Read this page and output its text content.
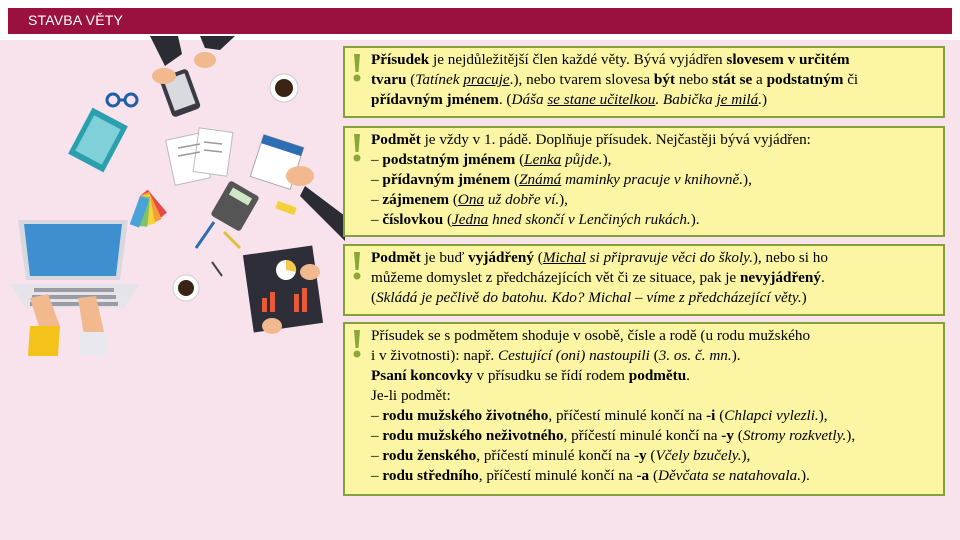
STAVBA VĚTY

Přísudek je nejdůležitější člen každé věty. Bývá vyjádřen slovesem v určitém

tvaru (Tatínek pracuje.), nebo tvarem slovesa být nebo stát se a podstatným či

přídavným jménem. (Dáša se stane učitelkou. Babička je milá.)

Podmět je vždy v 1. pádě. Doplňuje přísudek. Nejčastěji bývá vyjádřen:

– podstatným jménem (Lenka půjde.),

– přídavným jménem (Známá maminky pracuje v knihovně.),

– zájmenem (Ona už dobře ví.),

– číslovkou (Jedna hned skončí v Lenčiných rukách.).

Podmět je buď vyjádřený (Michal si připravuje věci do školy.), nebo si ho

můžeme domyslet z předcházejících vět či ze situace, pak je nevyjádřený.

(Skládá je pečlivě do batohu. Kdo? Michal – víme z předcházející věty.)

Přísudek se s podmětem shoduje v osobě, čísle a rodě (u rodu mužského

i v životnosti): např. Cestující (oni) nastoupili (3. os. č. mn.).

Psaní koncovky v přísudku se řídí rodem podmětu.

Je-li podmět:

– rodu mužského životného, příčestí minulé končí na -i (Chlapci vylezli.),

– rodu mužského neživotného, příčestí minulé končí na -y (Stromy rozkvetly.),

– rodu ženského, příčestí minulé končí na -y (Včely bzučely.),

– rodu středního, příčestí minulé končí na -a (Děvčata se natahovala.).
